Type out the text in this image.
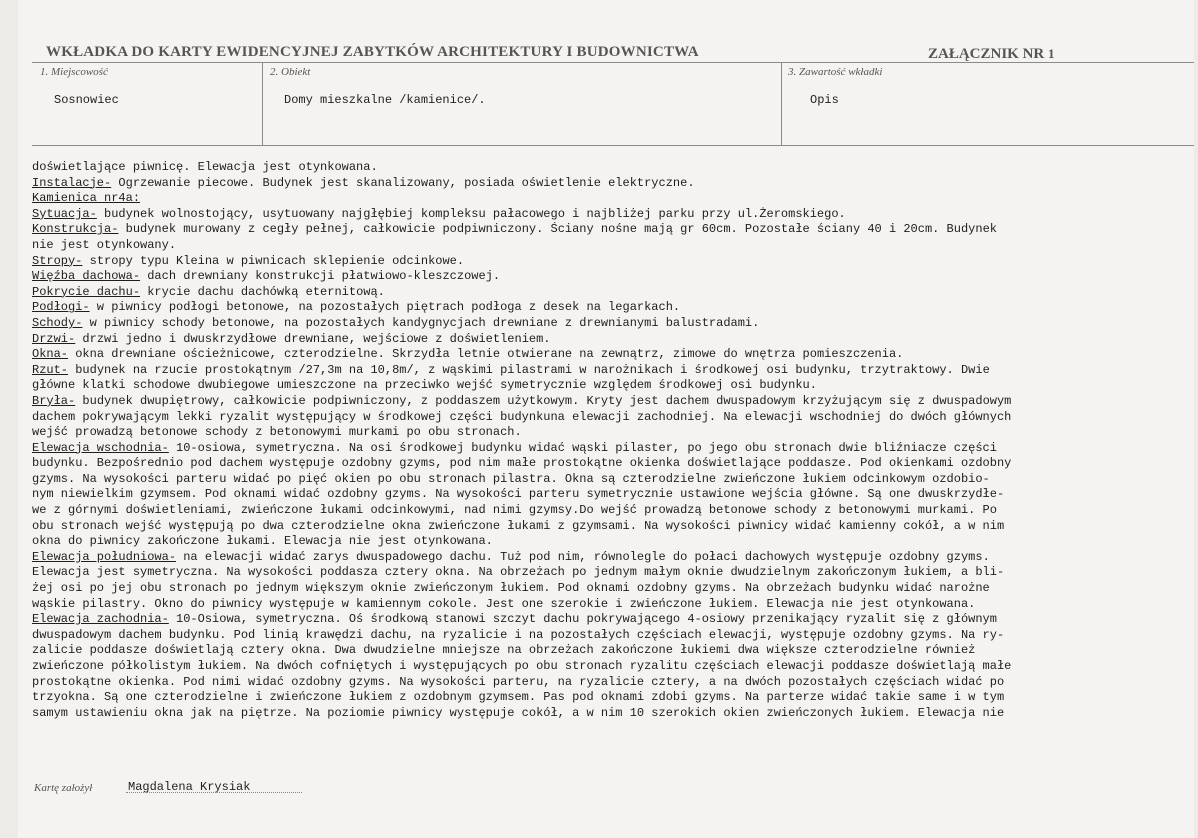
WKŁADKA DO KARTY EWIDENCYJNEJ ZABYTKÓW ARCHITEKTURY I BUDOWNICTWA	ZAŁĄCZNIK NR 1
1. Miejscowość
Sosnowiec
2. Obiekt
Domy mieszkalne /kamienice/.
3. Zawartość wkładki
Opis
doświetlające piwnicę. Elewacja jest otynkowana.
Instalacje- Ogrzewanie piecowe. Budynek jest skanalizowany, posiada oświetlenie elektryczne.
Kamienica nr4a:
Sytuacja- budynek wolnostojący, usytuowany najgłębiej kompleksu pałacowego i najbliżej parku przy ul.Żeromskiego.
Konstrukcja- budynek murowany z cegły pełnej, całkowicie podpiwniczony. Ściany nośne mają gr 60cm. Pozostałe ściany 40 i 20cm. Budynek
nie jest otynkowany.
Stropy- stropy typu Kleina w piwnicach sklepienie odcinkowe.
Więźba dachowa- dach drewniany konstrukcji płatwiowo-kleszczowej.
Pokrycie dachu- krycie dachu dachówką eternitową.
Podłogi- w piwnicy podłogi betonowe, na pozostałych piętrach podłoga z desek na legarkach.
Schody- w piwnicy schody betonowe, na pozostałych kandygnycjach drewniane z drewnianymi balustradami.
Drzwi- drzwi jedno i dwuskrzydłowe drewniane, wejściowe z doświetleniem.
Okna- okna drewniane ościeżnicowe, czterodzielne. Skrzydła letnie otwierane na zewnątrz, zimowe do wnętrza pomieszczenia.
Rzut- budynek na rzucie prostokątnym /27,3m na 10,8m/, z wąskimi pilastrami w narożnikach i środkowej osi budynku, trzytraktowy. Dwie
główne klatki schodowe dwubiegowe umieszczone na przeciwko wejść symetrycznie względem środkowej osi budynku.
Bryła- budynek dwupiętrowy, całkowicie podpiwniczony, z poddaszem użytkowym. Kryty jest dachem dwuspadowym krzyżującym się z dwuspadowym
dachem pokrywającym lekki ryzalit występujący w środkowej części budynkuna elewacji zachodniej. Na elewacji wschodniej do dwóch głównych
wejść prowadzą betonowe schody z betonowymi murkami po obu stronach.
Elewacja wschodnia- 10-osiowa, symetryczna. Na osi środkowej budynku widać wąski pilaster, po jego obu stronach dwie bliźniacze części
budynku. Bezpośrednio pod dachem występuje ozdobny gzyms, pod nim małe prostokątne okienka doświetlające poddasze. Pod okienkami ozdobny
gzyms. Na wysokości parteru widać po pięć okien po obu stronach pilastra. Okna są czterodzielne zwieńczone łukiem odcinkowym ozdobio-
nym niewielkim gzymsem. Pod oknami widać ozdobny gzyms. Na wysokości parteru symetrycznie ustawione wejścia główne. Są one dwuskrzydłe-
we z górnymi doświetleniami, zwieńczone łukami odcinkowymi, nad nimi gzymsy.Do wejść prowadzą betonowe schody z betonowymi murkami. Po
obu stronach wejść występują po dwa czterodzielne okna zwieńczone łukami z gzymsami. Na wysokości piwnicy widać kamienny cokół, a w nim
okna do piwnicy zakończone łukami. Elewacja nie jest otynkowana.
Elewacja południowa- na elewacji widać zarys dwuspadowego dachu. Tuż pod nim, równolegle do połaci dachowych występuje ozdobny gzyms.
Elewacja jest symetryczna. Na wysokości poddasza cztery okna. Na obrzeżach po jednym małym oknie dwudzielnym zakończonym łukiem, a bli-
żej osi po jej obu stronach po jednym większym oknie zwieńczonym łukiem. Pod oknami ozdobny gzyms. Na obrzeżach budynku widać narożne
wąskie pilastry. Okno do piwnicy występuje w kamiennym cokole. Jest one szerokie i zwieńczone łukiem. Elewacja nie jest otynkowana.
Elewacja zachodnia- 10-Osiowa, symetryczna. Oś środkową stanowi szczyt dachu pokrywającego 4-osiowy przenikający ryzalit się z głównym
dwuspadowym dachem budynku. Pod linią krawędzi dachu, na ryzalicie i na pozostałych częściach elewacji, występuje ozdobny gzyms. Na ry-
zalicie poddasze doświetlają cztery okna. Dwa dwudzielne mniejsze na obrzeżach zakończone łukiemi dwa większe czterodzielne również
zwieńczone półkolistym łukiem. Na dwóch cofniętych i występujących po obu stronach ryzalitu częściach elewacji poddasze doświetlają małe
prostokątne okienka. Pod nimi widać ozdobny gzyms. Na wysokości parteru, na ryzalicie cztery, a na dwóch pozostałych częściach widać po
trzyokna. Są one czterodzielne i zwieńczone łukiem z ozdobnym gzymsem. Pas pod oknami zdobi gzyms. Na parterze widać takie same i w tym
samym ustawieniu okna jak na piętrze. Na poziomie piwnicy występuje cokół, a w nim 10 szerokich okien zwieńczonych łukiem. Elewacja nie
Kartę założył	Magdalena Krysiak
